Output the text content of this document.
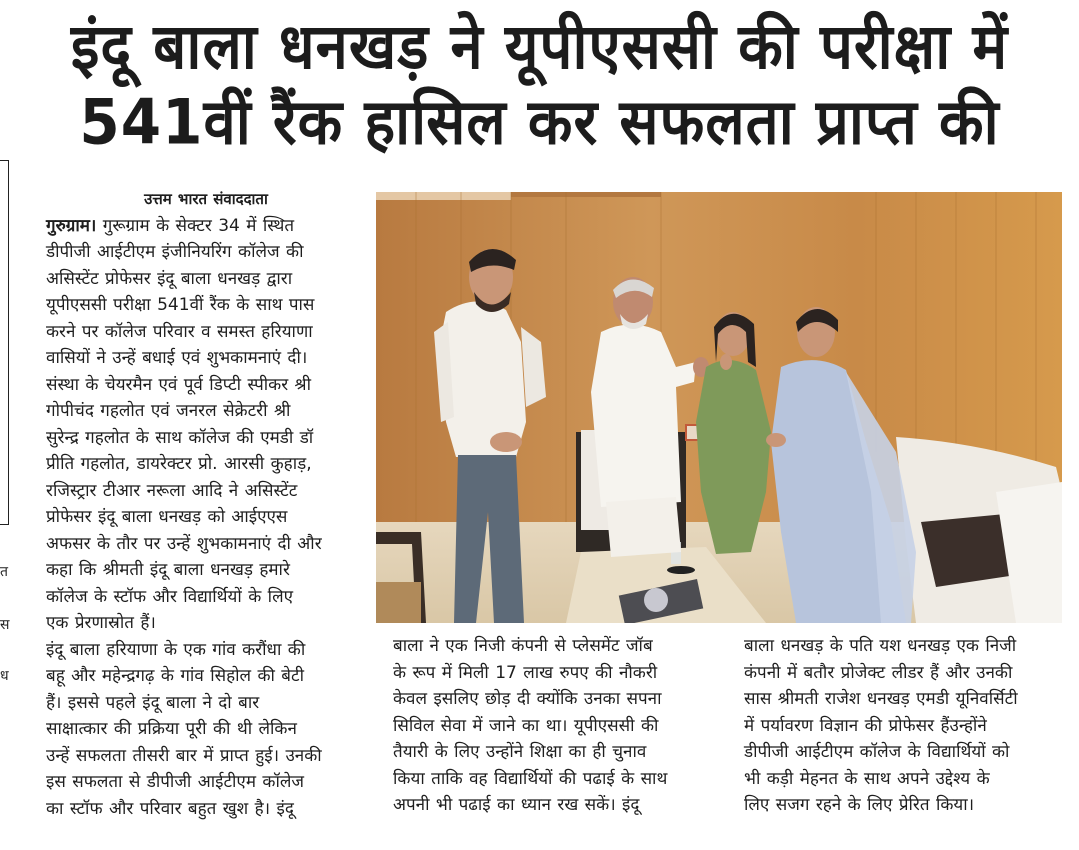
इंदू बाला धनखड़ ने यूपीएससी की परीक्षा में
541वीं रैंक हासिल कर सफलता प्राप्त की
त
स
ध

उत्तम भारत संवाददाता

गुरुग्राम। गुरूग्राम के सेक्टर 34 में स्थित

डीपीजी आईटीएम इंजीनियरिंग कॉलेज की

असिस्टेंट प्रोफेसर इंदू बाला धनखड़ द्वारा

यूपीएससी परीक्षा 541वीं रैंक के साथ पास

करने पर कॉलेज परिवार व समस्त हरियाणा

वासियों ने उन्हें बधाई एवं शुभकामनाएं दी।

संस्था के चेयरमैन एवं पूर्व डिप्टी स्पीकर श्री

गोपीचंद गहलोत एवं जनरल सेक्रेटरी श्री

सुरेन्द्र गहलोत के साथ कॉलेज की एमडी डॉ

प्रीति गहलोत, डायरेक्टर प्रो. आरसी कुहाड़,

रजिस्ट्रार टीआर नरूला आदि ने असिस्टेंट

प्रोफेसर इंदू बाला धनखड़ को आईएएस

अफसर के तौर पर उन्हें शुभकामनाएं दी और

कहा कि श्रीमती इंदू बाला धनखड़ हमारे

कॉलेज के स्टॉफ और विद्यार्थियों के लिए

एक प्रेरणास्रोत हैं।

इंदू बाला हरियाणा के एक गांव करौंधा की

बहू और महेन्द्रगढ़ के गांव सिहोल की बेटी

हैं। इससे पहले इंदू बाला ने दो बार

साक्षात्कार की प्रक्रिया पूरी की थी लेकिन

उन्हें सफलता तीसरी बार में प्राप्त हुई। उनकी

इस सफलता से डीपीजी आईटीएम कॉलेज

का स्टॉफ और परिवार बहुत खुश है। इंदू

बाला ने एक निजी कंपनी से प्लेसमेंट जॉब

के रूप में मिली 17 लाख रुपए की नौकरी

केवल इसलिए छोड़ दी क्योंकि उनका सपना

सिविल सेवा में जाने का था। यूपीएससी की

तैयारी के लिए उन्होंने शिक्षा का ही चुनाव

किया ताकि वह विद्यार्थियों की पढाई के साथ

अपनी भी पढाई का ध्यान रख सकें। इंदू

बाला धनखड़ के पति यश धनखड़ एक निजी

कंपनी में बतौर प्रोजेक्ट लीडर हैं और उनकी

सास श्रीमती राजेश धनखड़ एमडी यूनिवर्सिटी

में पर्यावरण विज्ञान की प्रोफेसर हैंउन्होंने

डीपीजी आईटीएम कॉलेज के विद्यार्थियों को

भी कड़ी मेहनत के साथ अपने उद्देश्य के

लिए सजग रहने के लिए प्रेरित किया।
